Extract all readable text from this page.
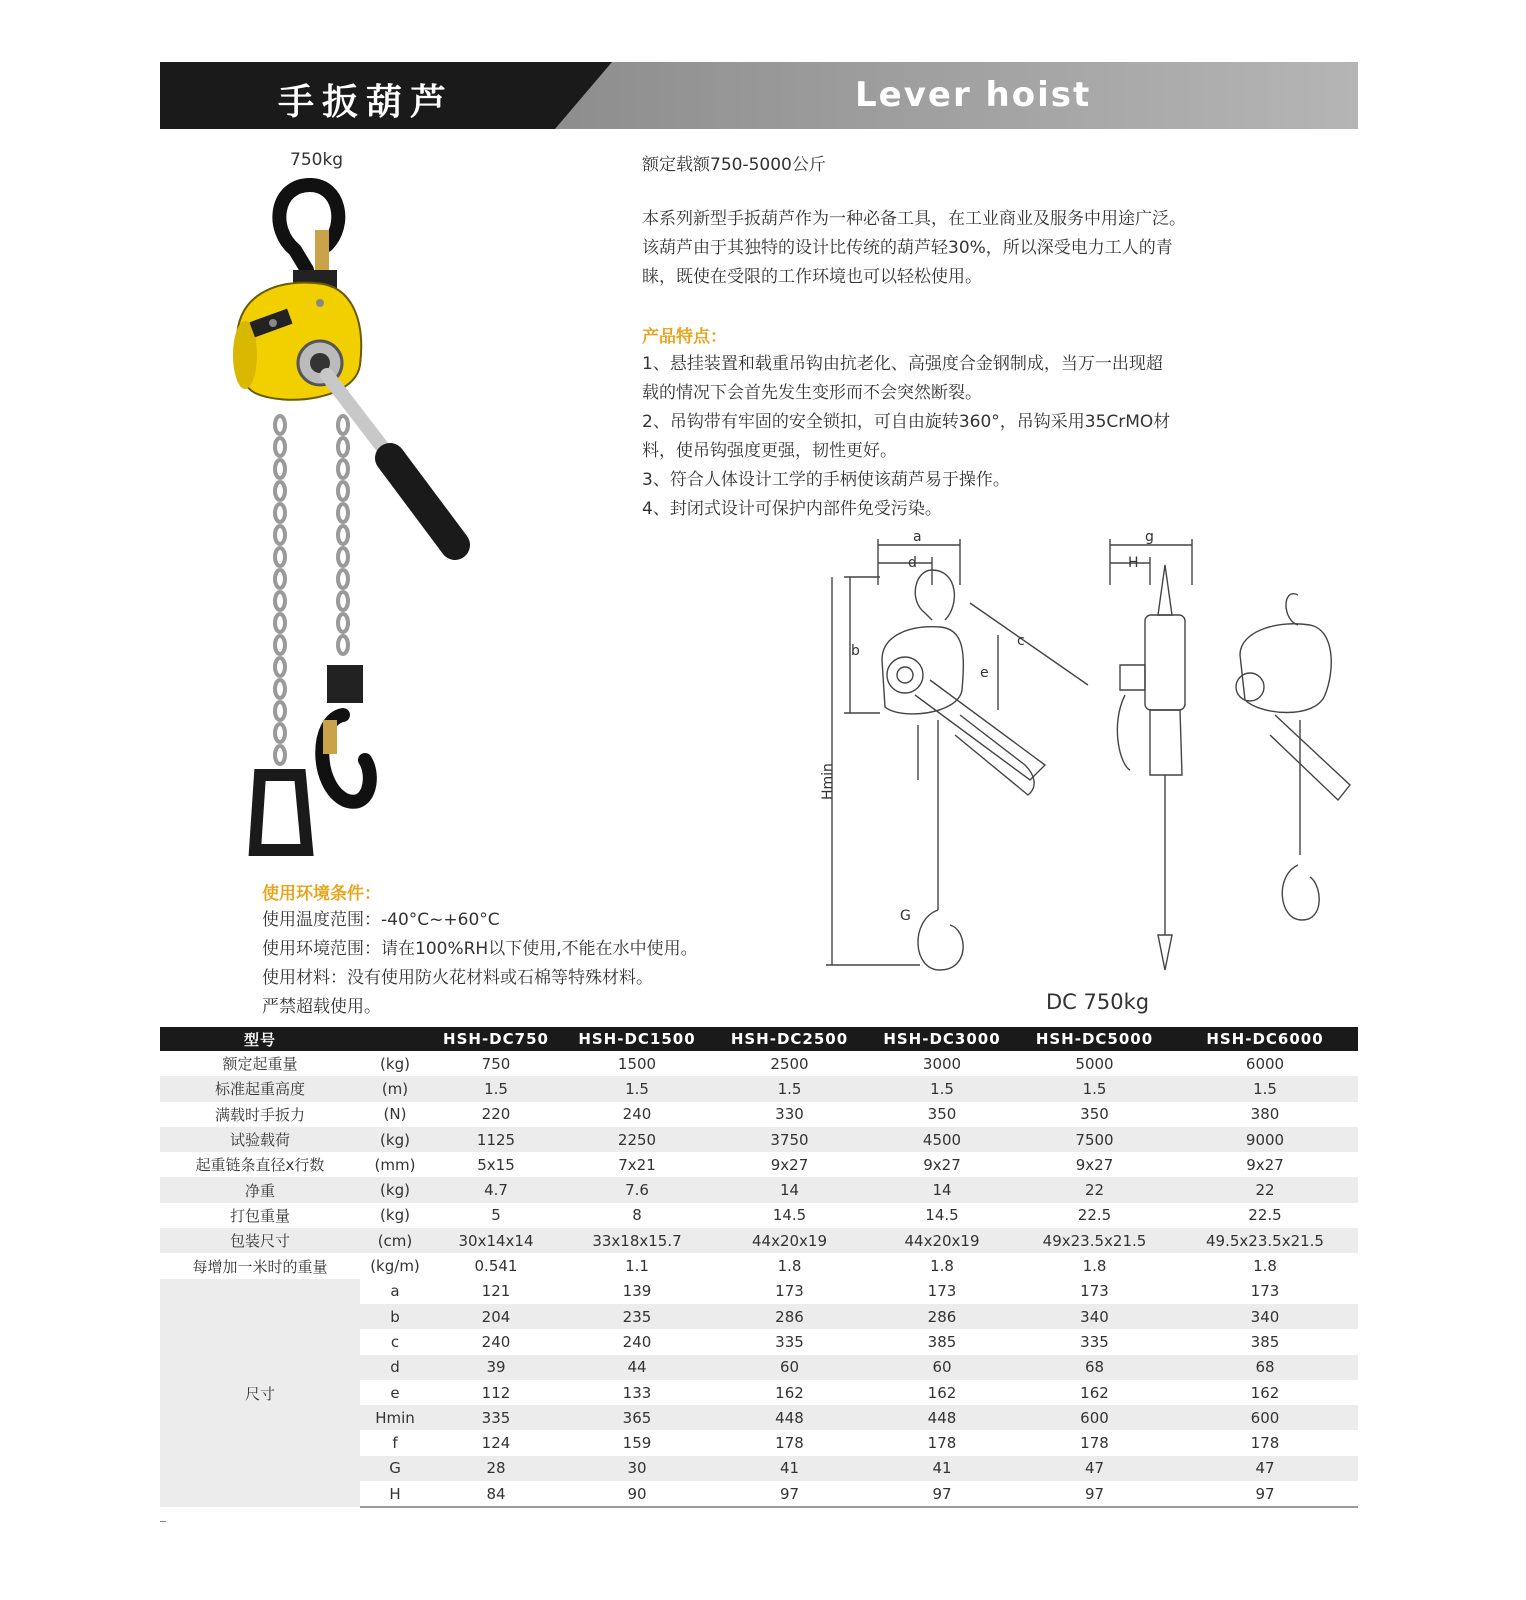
手扳葫芦	Lever hoist
750kg	额定载额750-5000公斤
本系列新型手扳葫芦作为一种必备工具，在工业商业及服务中用途广泛。
该葫芦由于其独特的设计比传统的葫芦轻30%，所以深受电力工人的青
睐，既使在受限的工作环境也可以轻松使用。
产品特点：
1、悬挂装置和载重吊钩由抗老化、高强度合金钢制成，当万一出现超
载的情况下会首先发生变形而不会突然断裂。
2、吊钩带有牢固的安全锁扣，可自由旋转360°，吊钩采用35CrMO材
料，使吊钩强度更强，韧性更好。
3、符合人体设计工学的手柄使该葫芦易于操作。
4、封闭式设计可保护内部件免受污染。
a
d
b
c
e
g
H
G
Hmin
使用环境条件：
使用温度范围：-40°C~+60°C
使用环境范围：请在100%RH以下使用,不能在水中使用。
使用材料：没有使用防火花材料或石棉等特殊材料。
严禁超载使用。	DC 750kg
型号		HSH-DC750	HSH-DC1500	HSH-DC2500	HSH-DC3000	HSH-DC5000	HSH-DC6000
额定起重量	(kg)	750	1500	2500	3000	5000	6000
标准起重高度	(m)	1.5	1.5	1.5	1.5	1.5	1.5
满载时手扳力	(N)	220	240	330	350	350	380
试验载荷	(kg)	1125	2250	3750	4500	7500	9000
起重链条直径x行数	(mm)	5x15	7x21	9x27	9x27	9x27	9x27
净重	(kg)	4.7	7.6	14	14	22	22
打包重量	(kg)	5	8	14.5	14.5	22.5	22.5
包装尺寸	(cm)	30x14x14	33x18x15.7	44x20x19	44x20x19	49x23.5x21.5	49.5x23.5x21.5
每增加一米时的重量	(kg/m)	0.541	1.1	1.8	1.8	1.8	1.8
尺寸	a	121	139	173	173	173	173
	b	204	235	286	286	340	340
	c	240	240	335	385	335	385
	d	39	44	60	60	68	68
	e	112	133	162	162	162	162
	Hmin	335	365	448	448	600	600
	f	124	159	178	178	178	178
	G	28	30	41	41	47	47
	H	84	90	97	97	97	97
